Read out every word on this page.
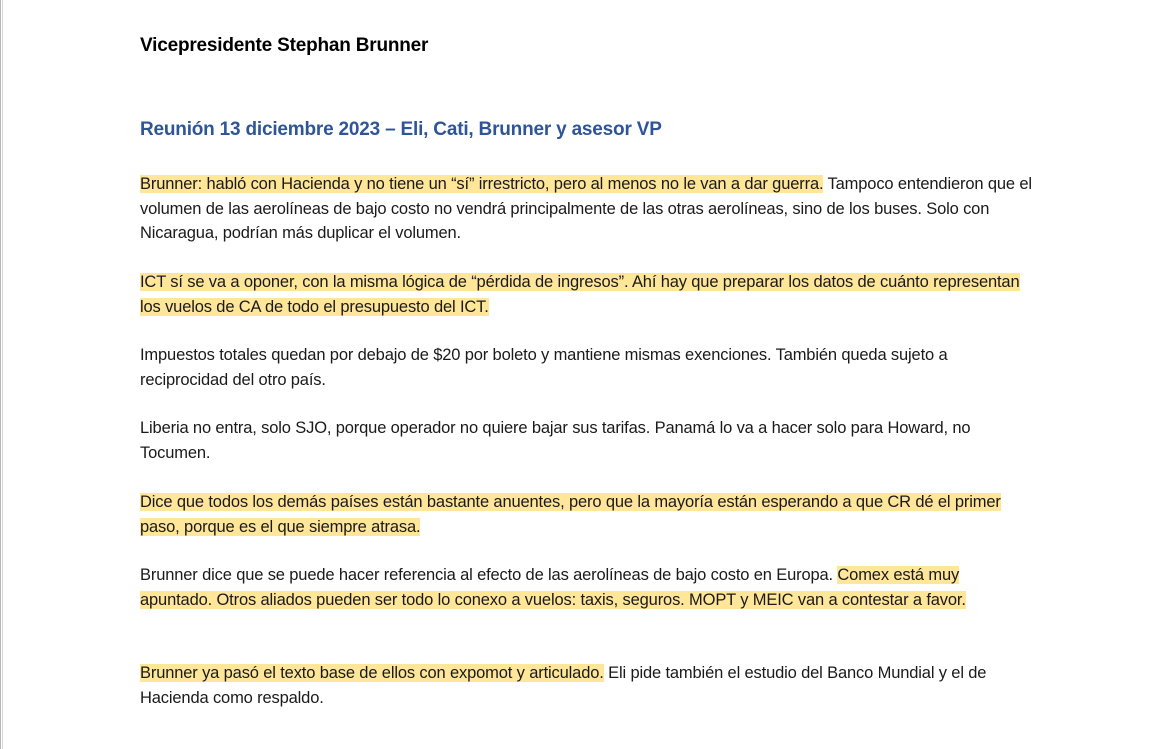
Vicepresidente Stephan Brunner
Reunión 13 diciembre 2023 – Eli, Cati, Brunner y asesor VP

Brunner: habló con Hacienda y no tiene un “sí” irrestricto, pero al menos no le van a dar guerra. Tampoco entendieron que el volumen de las aerolíneas de bajo costo no vendrá principalmente de las otras aerolíneas, sino de los buses. Solo con Nicaragua, podrían más duplicar el volumen.

ICT sí se va a oponer, con la misma lógica de “pérdida de ingresos”. Ahí hay que preparar los datos de cuánto representan los vuelos de CA de todo el presupuesto del ICT.

Impuestos totales quedan por debajo de $20 por boleto y mantiene mismas exenciones. También queda sujeto a reciprocidad del otro país.

Liberia no entra, solo SJO, porque operador no quiere bajar sus tarifas. Panamá lo va a hacer solo para Howard, no Tocumen.

Dice que todos los demás países están bastante anuentes, pero que la mayoría están esperando a que CR dé el primer paso, porque es el que siempre atrasa.

Brunner dice que se puede hacer referencia al efecto de las aerolíneas de bajo costo en Europa. Comex está muy apuntado. Otros aliados pueden ser todo lo conexo a vuelos: taxis, seguros. MOPT y MEIC van a contestar a favor.

Brunner ya pasó el texto base de ellos con expomot y articulado. Eli pide también el estudio del Banco Mundial y el de Hacienda como respaldo.
